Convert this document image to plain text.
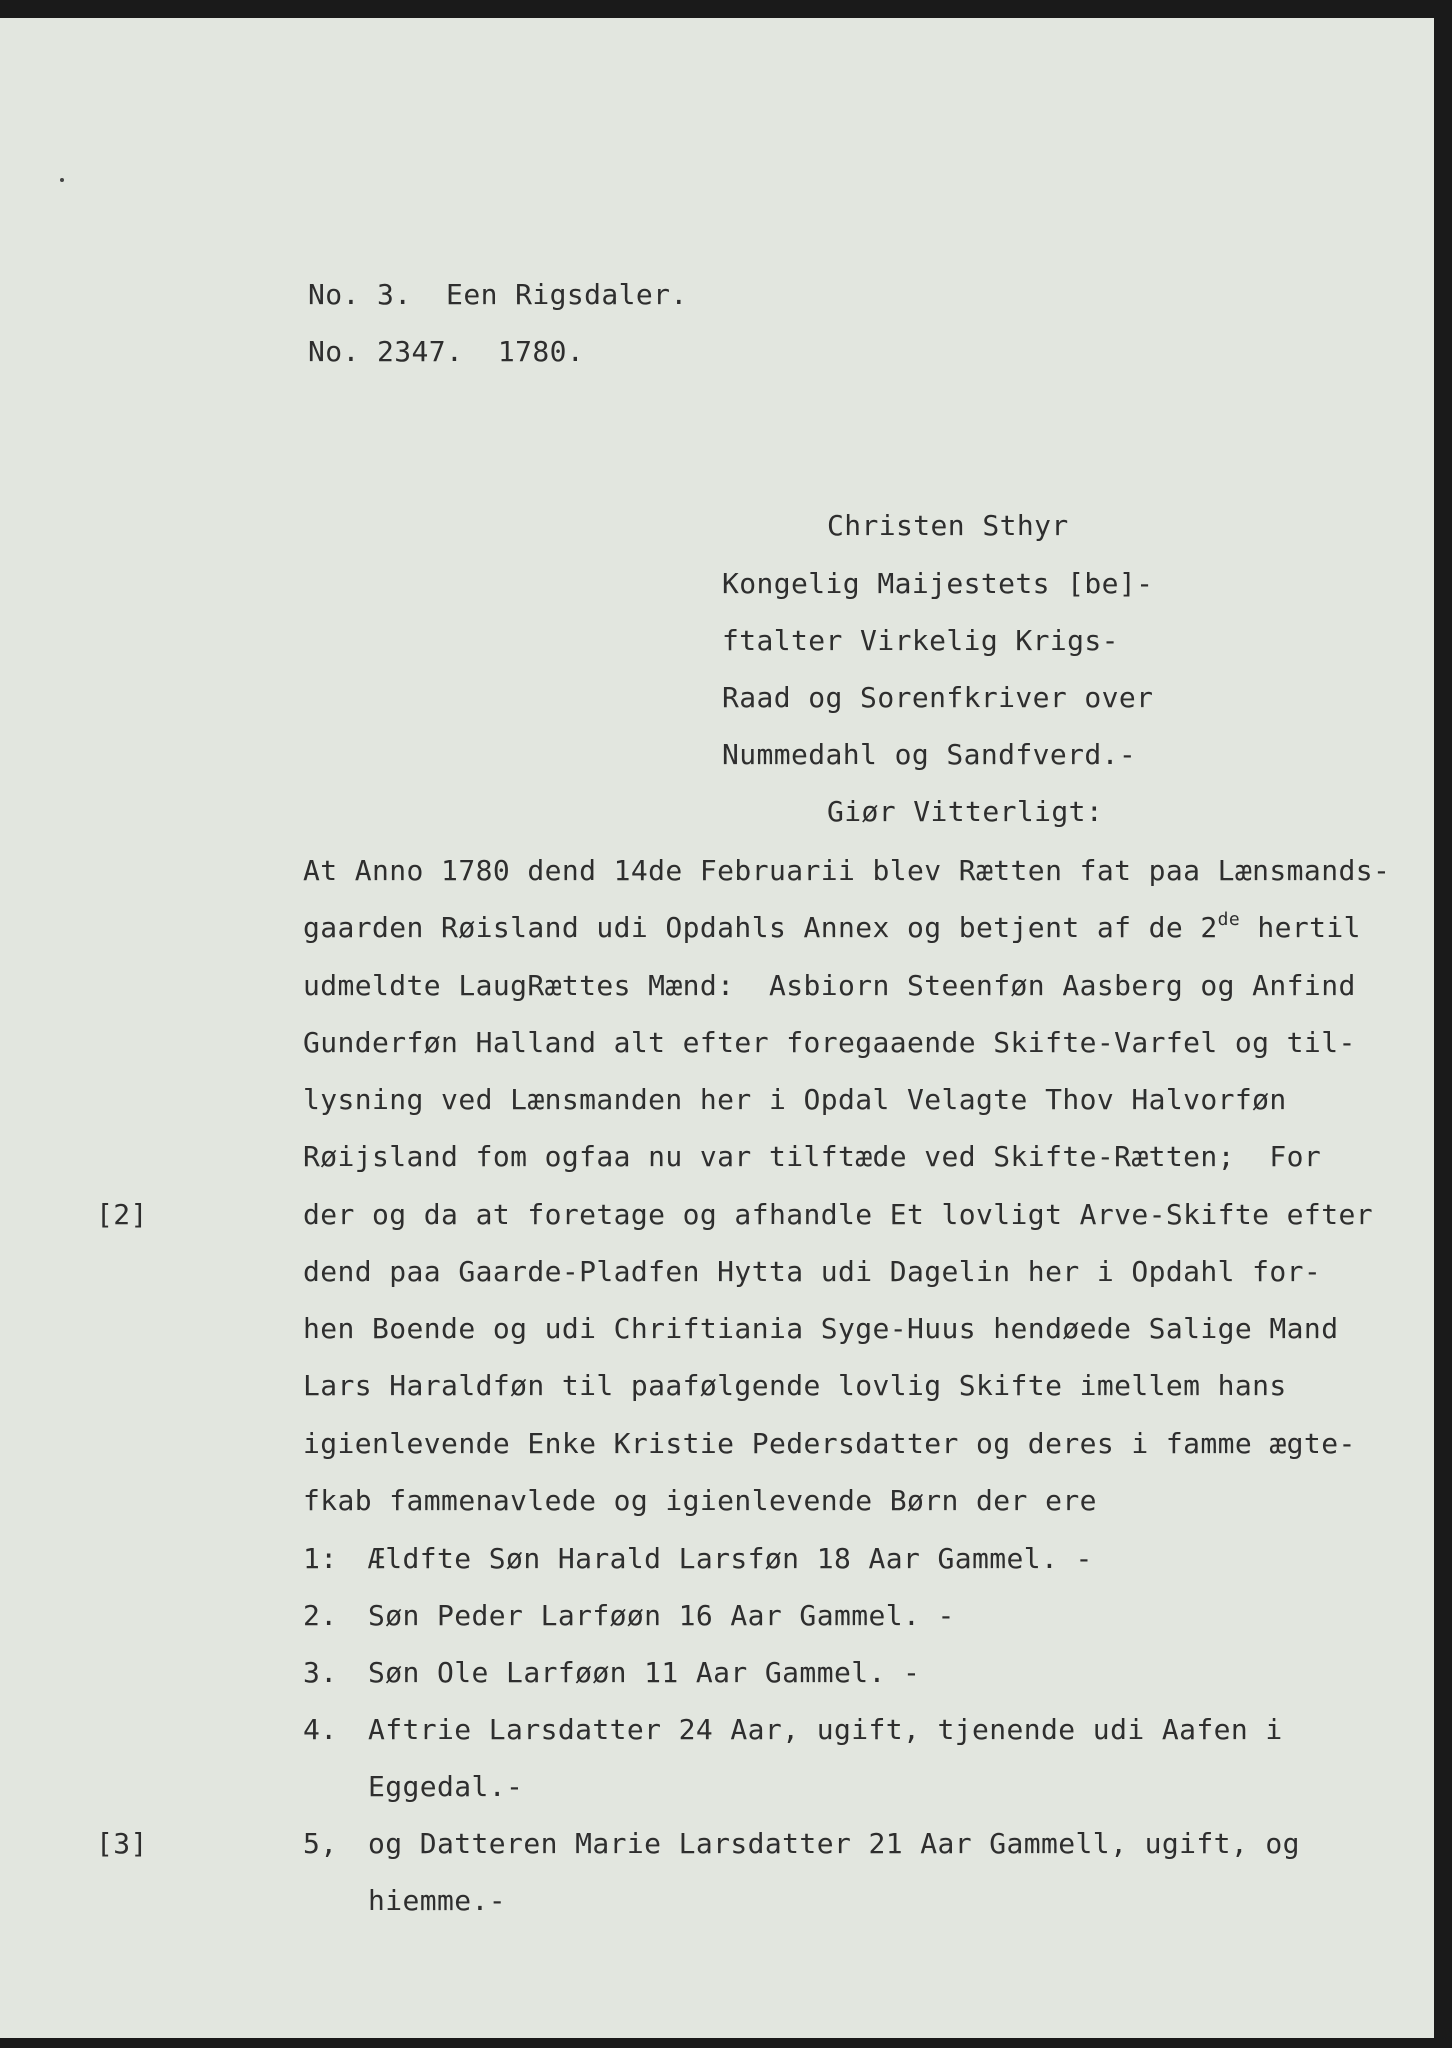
No. 3.  Een Rigsdaler.
No. 2347.  1780.
Christen Sthyr
Kongelig Maijestets [be]-
ftalter Virkelig Krigs-
Raad og Sorenfkriver over
Nummedahl og Sandfverd.-
Giør Vitterligt:
At Anno 1780 dend 14de Februarii blev Rætten fat paa Lænsmands-
gaarden Røisland udi Opdahls Annex og betjent af de 2de hertil
udmeldte LaugRættes Mænd:  Asbiorn Steenføn Aasberg og Anfind
Gunderføn Halland alt efter foregaaende Skifte-Varfel og til-
lysning ved Lænsmanden her i Opdal Velagte Thov Halvorføn
Røijsland fom ogfaa nu var tilftæde ved Skifte-Rætten;  For
der og da at foretage og afhandle Et lovligt Arve-Skifte efter
dend paa Gaarde-Pladfen Hytta udi Dagelin her i Opdahl for-
hen Boende og udi Chriftiania Syge-Huus hendøede Salige Mand
Lars Haraldføn til paafølgende lovlig Skifte imellem hans
igienlevende Enke Kristie Pedersdatter og deres i famme ægte-
fkab fammenavlede og igienlevende Børn der ere
[2]
[3]
1: Ældfte Søn Harald Larsføn 18 Aar Gammel. -
2. Søn Peder Larføøn 16 Aar Gammel. -
3. Søn Ole Larføøn 11 Aar Gammel. -
4. Aftrie Larsdatter 24 Aar, ugift, tjenende udi Aafen i
Eggedal.-
5, og Datteren Marie Larsdatter 21 Aar Gammell, ugift, og
hiemme.-
